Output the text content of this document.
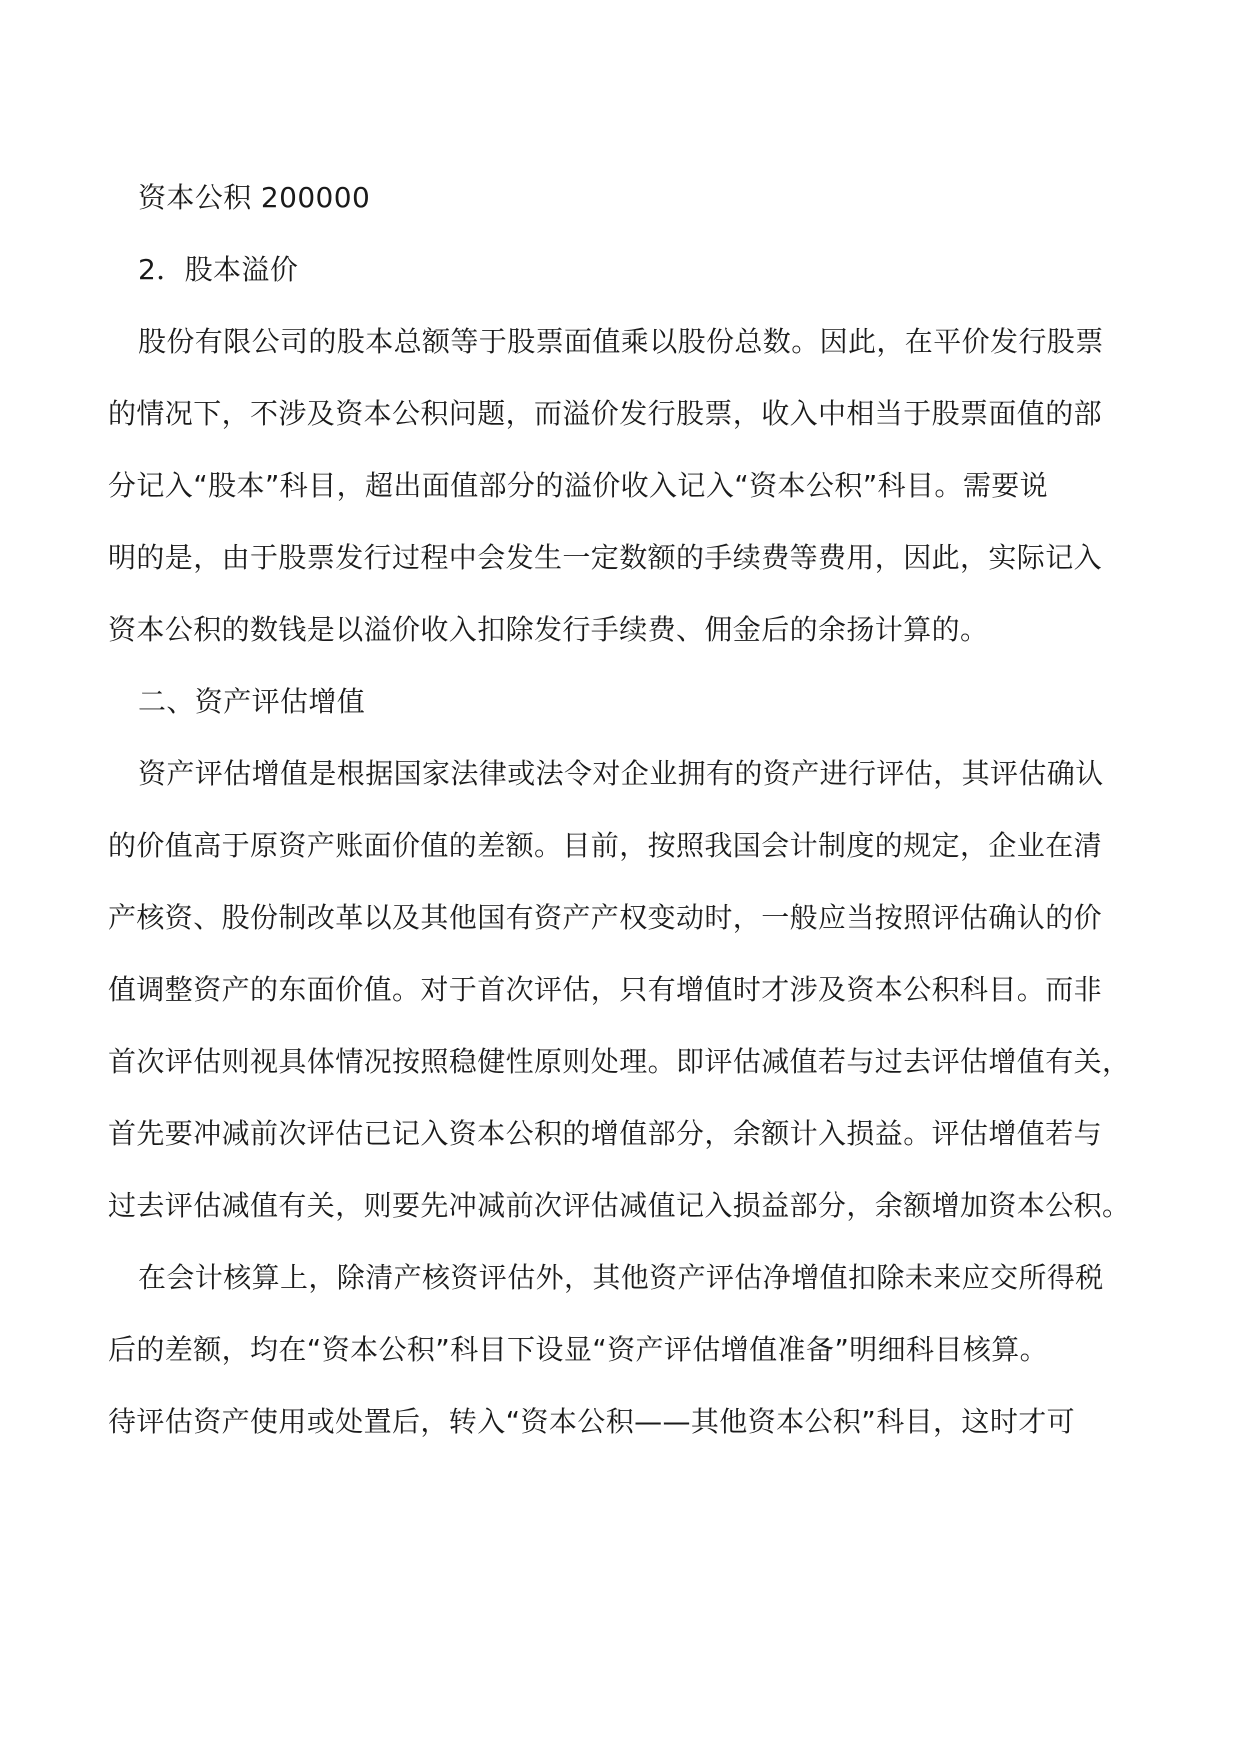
资本公积 200000
2．股本溢价
股份有限公司的股本总额等于股票面值乘以股份总数。因此，在平价发行股票
的情况下，不涉及资本公积问题，而溢价发行股票，收入中相当于股票面值的部
分记入“股本”科目，超出面值部分的溢价收入记入“资本公积”科目。需要说
明的是，由于股票发行过程中会发生一定数额的手续费等费用，因此，实际记入
资本公积的数钱是以溢价收入扣除发行手续费、佣金后的余扬计算的。
二、资产评估增值
资产评估增值是根据国家法律或法令对企业拥有的资产进行评估，其评估确认
的价值高于原资产账面价值的差额。目前，按照我国会计制度的规定，企业在清
产核资、股份制改革以及其他国有资产产权变动时，一般应当按照评估确认的价
值调整资产的东面价值。对于首次评估，只有增值时才涉及资本公积科目。而非
首次评估则视具体情况按照稳健性原则处理。即评估减值若与过去评估增值有关，
首先要冲减前次评估已记入资本公积的增值部分，余额计入损益。评估增值若与
过去评估减值有关，则要先冲减前次评估减值记入损益部分，余额增加资本公积。
在会计核算上，除清产核资评估外，其他资产评估净增值扣除未来应交所得税
后的差额，均在“资本公积”科目下设显“资产评估增值准备”明细科目核算。
待评估资产使用或处置后，转入“资本公积——其他资本公积”科目，这时才可
